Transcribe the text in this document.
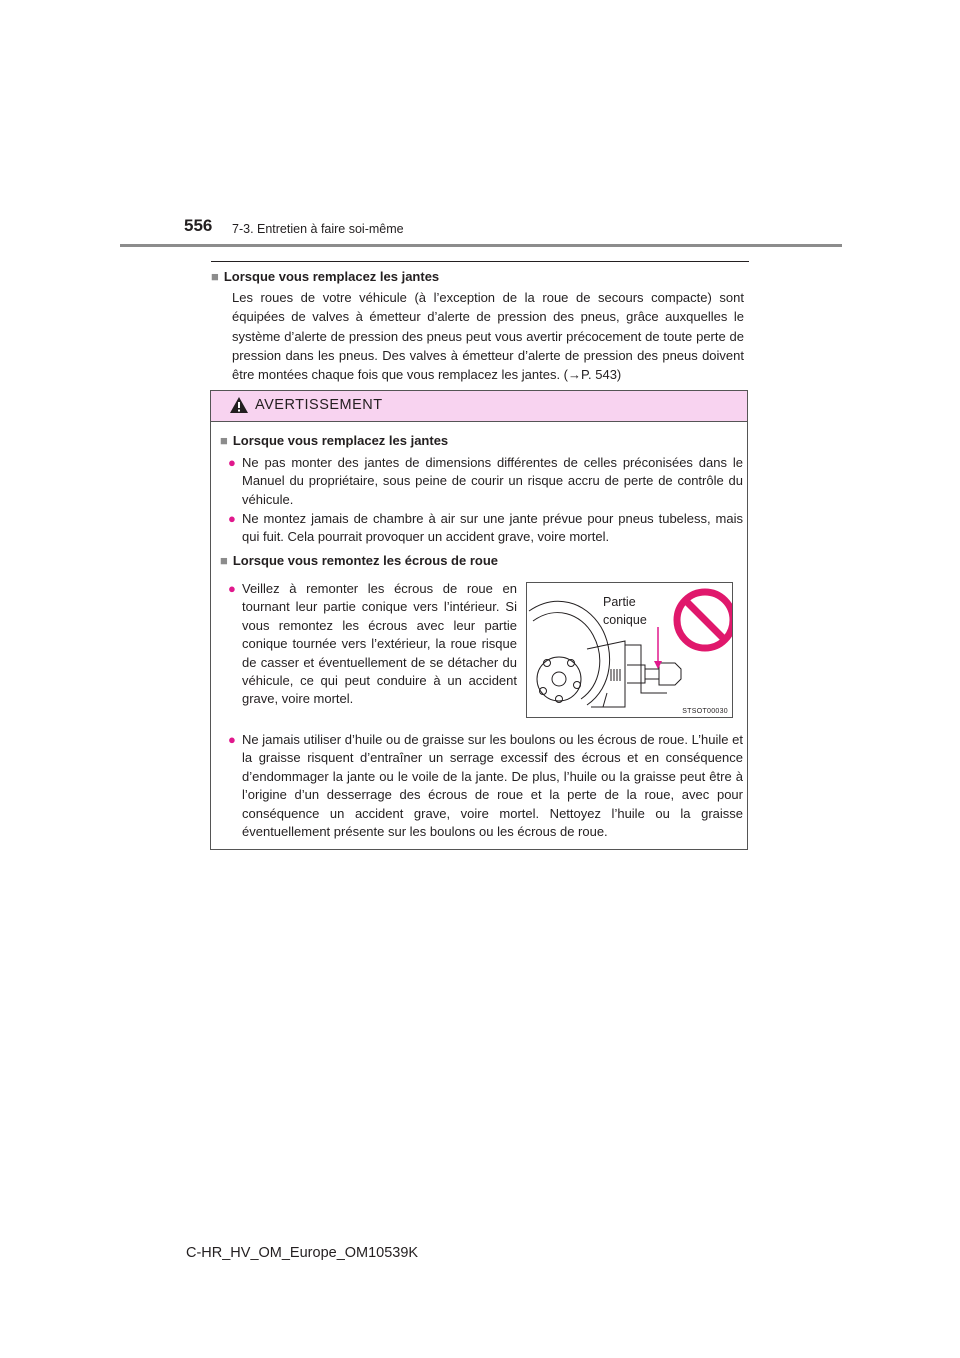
556 7-3. Entretien à faire soi-même

■ Lorsque vous remplacez les jantes

Les roues de votre véhicule (à l’exception de la roue de secours compacte) sont équipées de valves à émetteur d’alerte de pression des pneus, grâce auxquelles le système d’alerte de pression des pneus peut vous avertir précocement de toute perte de pression dans les pneus. Des valves à émetteur d’alerte de pression des pneus doivent être montées chaque fois que vous remplacez les jantes. (→P. 543)

AVERTISSEMENT
■ Lorsque vous remplacez les jantes
● Ne pas monter des jantes de dimensions différentes de celles préconisées dans le Manuel du propriétaire, sous peine de courir un risque accru de perte de contrôle du véhicule.
● Ne montez jamais de chambre à air sur une jante prévue pour pneus tubeless, mais qui fuit. Cela pourrait provoquer un accident grave, voire mortel.
■ Lorsque vous remontez les écrous de roue
● Veillez à remonter les écrous de roue en tournant leur partie conique vers l’intérieur. Si vous remontez les écrous avec leur partie conique tournée vers l’extérieur, la roue risque de casser et éventuellement de se détacher du véhicule, ce qui peut conduire à un accident grave, voire mortel.
Partie
conique
STSOT00030
● Ne jamais utiliser d’huile ou de graisse sur les boulons ou les écrous de roue. L’huile et la graisse risquent d’entraîner un serrage excessif des écrous et en conséquence d’endommager la jante ou le voile de la jante. De plus, l’huile ou la graisse peut être à l’origine d’un desserrage des écrous de roue et la perte de la roue, avec pour conséquence un accident grave, voire mortel. Nettoyez l’huile ou la graisse éventuellement présente sur les boulons ou les écrous de roue.
C-HR_HV_OM_Europe_OM10539K
